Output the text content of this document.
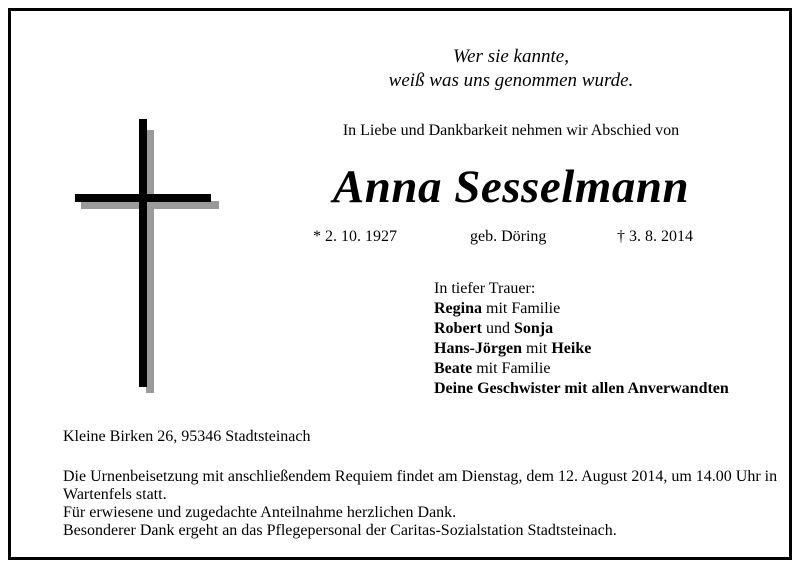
Wer sie kannte,
weiß was uns genommen wurde.
In Liebe und Dankbarkeit nehmen wir Abschied von
Anna Sesselmann
* 2. 10. 1927	geb. Döring	† 3. 8. 2014
In tiefer Trauer:
Regina mit Familie
Robert und Sonja
Hans-Jörgen mit Heike
Beate mit Familie
Deine Geschwister mit allen Anverwandten
Kleine Birken 26, 95346 Stadtsteinach
Die Urnenbeisetzung mit anschließendem Requiem findet am Dienstag, dem 12. August 2014, um 14.00 Uhr in Wartenfels statt.
Für erwiesene und zugedachte Anteilnahme herzlichen Dank.
Besonderer Dank ergeht an das Pflegepersonal der Caritas-Sozialstation Stadtsteinach.
